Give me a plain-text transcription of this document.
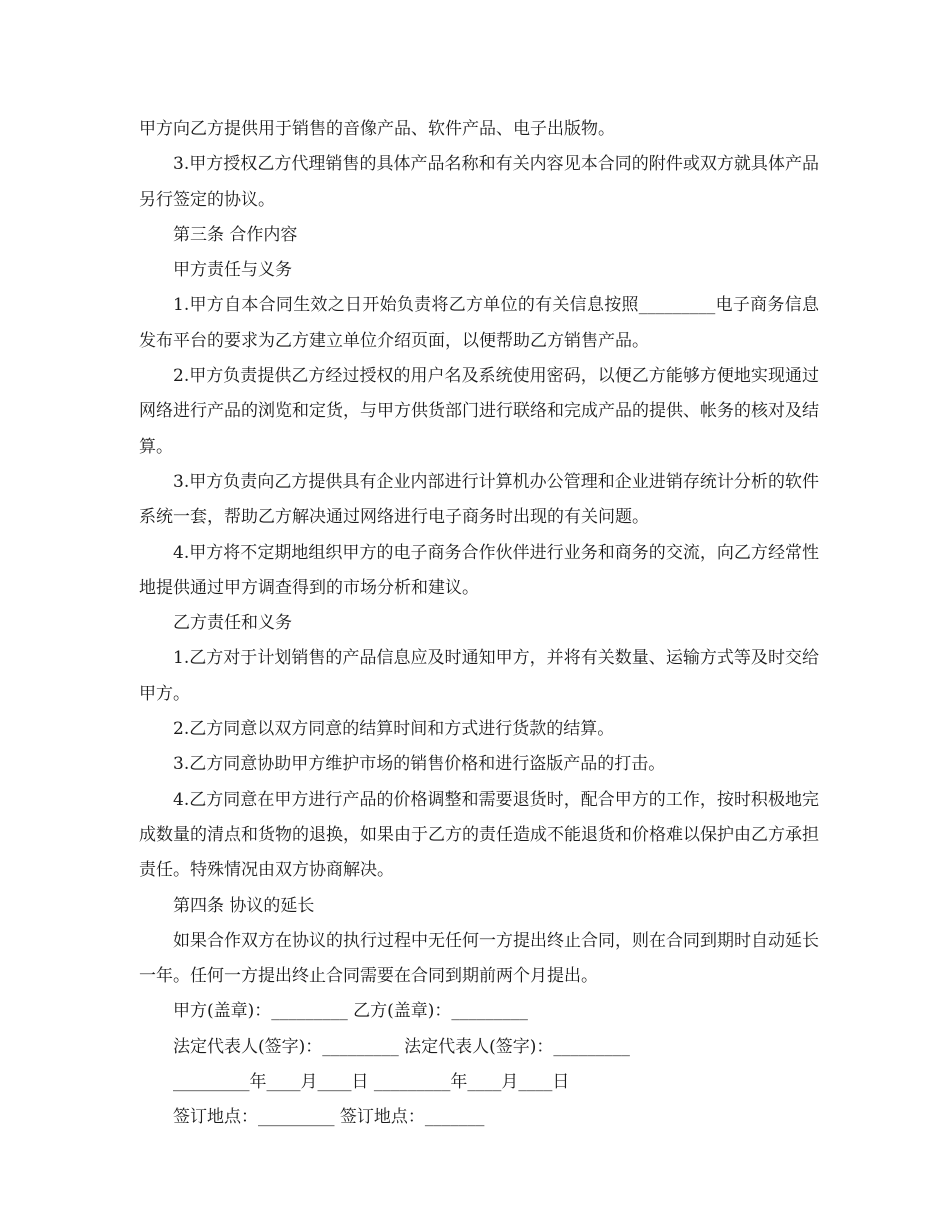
甲方向乙方提供用于销售的音像产品、软件产品、电子出版物。

3.甲方授权乙方代理销售的具体产品名称和有关内容见本合同的附件或双方就具体产品另行签定的协议。

第三条 合作内容

甲方责任与义务

1.甲方自本合同生效之日开始负责将乙方单位的有关信息按照_________电子商务信息发布平台的要求为乙方建立单位介绍页面，以便帮助乙方销售产品。

2.甲方负责提供乙方经过授权的用户名及系统使用密码，以便乙方能够方便地实现通过网络进行产品的浏览和定货，与甲方供货部门进行联络和完成产品的提供、帐务的核对及结算。

3.甲方负责向乙方提供具有企业内部进行计算机办公管理和企业进销存统计分析的软件系统一套，帮助乙方解决通过网络进行电子商务时出现的有关问题。

4.甲方将不定期地组织甲方的电子商务合作伙伴进行业务和商务的交流，向乙方经常性地提供通过甲方调查得到的市场分析和建议。

乙方责任和义务

1.乙方对于计划销售的产品信息应及时通知甲方，并将有关数量、运输方式等及时交给甲方。

2.乙方同意以双方同意的结算时间和方式进行货款的结算。

3.乙方同意协助甲方维护市场的销售价格和进行盗版产品的打击。

4.乙方同意在甲方进行产品的价格调整和需要退货时，配合甲方的工作，按时积极地完成数量的清点和货物的退换，如果由于乙方的责任造成不能退货和价格难以保护由乙方承担责任。特殊情况由双方协商解决。

第四条 协议的延长

如果合作双方在协议的执行过程中无任何一方提出终止合同，则在合同到期时自动延长一年。任何一方提出终止合同需要在合同到期前两个月提出。

甲方(盖章)：_________ 乙方(盖章)：_________

法定代表人(签字)：_________ 法定代表人(签字)：_________

_________年____月____日 _________年____月____日

签订地点：_________ 签订地点：_______
